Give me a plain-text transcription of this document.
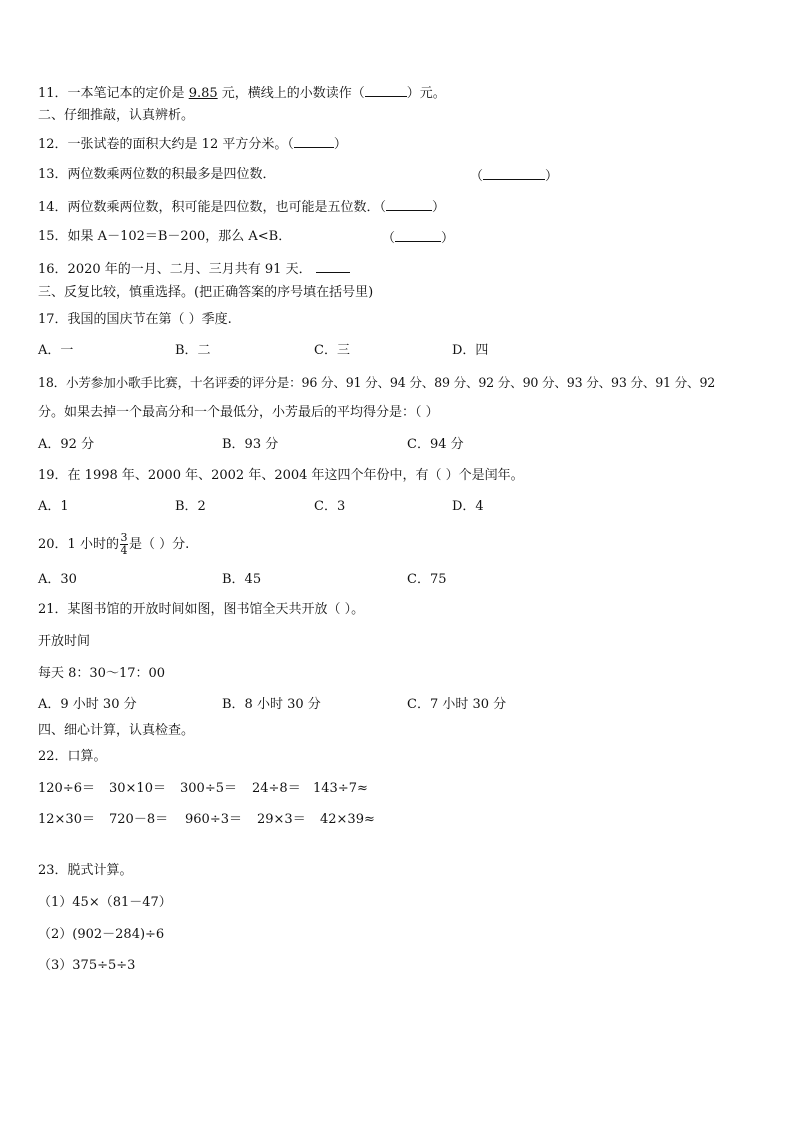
11．一本笔记本的定价是 9.85 元，横线上的小数读作（	）元。
二、仔细推敲，认真辨析。
12．一张试卷的面积大约是 12 平方分米。（	）
13．两位数乘两位数的积最多是四位数．	（	）
14．两位数乘两位数，积可能是四位数，也可能是五位数．（	）
15．如果 A－102＝B－200，那么 A<B．	（	）
16．2020 年的一月、二月、三月共有 91 天．
三、反复比较，慎重选择。(把正确答案的序号填在括号里)
17．我国的国庆节在第（ ）季度.
A．一	B．二	C．三	D．四
18．小芳参加小歌手比赛，十名评委的评分是：96 分、91 分、94 分、89 分、92 分、90 分、93 分、93 分、91 分、92
分。如果去掉一个最高分和一个最低分，小芳最后的平均得分是：（ ）
A．92 分	B．93 分	C．94 分
19．在 1998 年、2000 年、2002 年、2004 年这四个年份中，有（ ）个是闰年。
A．1	B．2	C．3	D．4
20．1 小时的 $\frac{3}{4}$ 是（ ）分.
A．30	B．45	C．75
21．某图书馆的开放时间如图，图书馆全天共开放（ ）。
开放时间
每天 8：30～17：00
A．9 小时 30 分	B．8 小时 30 分	C．7 小时 30 分
四、细心计算，认真检查。
22．口算。
120÷6＝ 30×10＝ 300÷5＝ 24÷8＝ 143÷7≈
12×30＝ 720－8＝ 960÷3＝ 29×3＝ 42×39≈
23．脱式计算。
（1）45×（81－47）
（2）(902－284)÷6
（3）375÷5÷3
